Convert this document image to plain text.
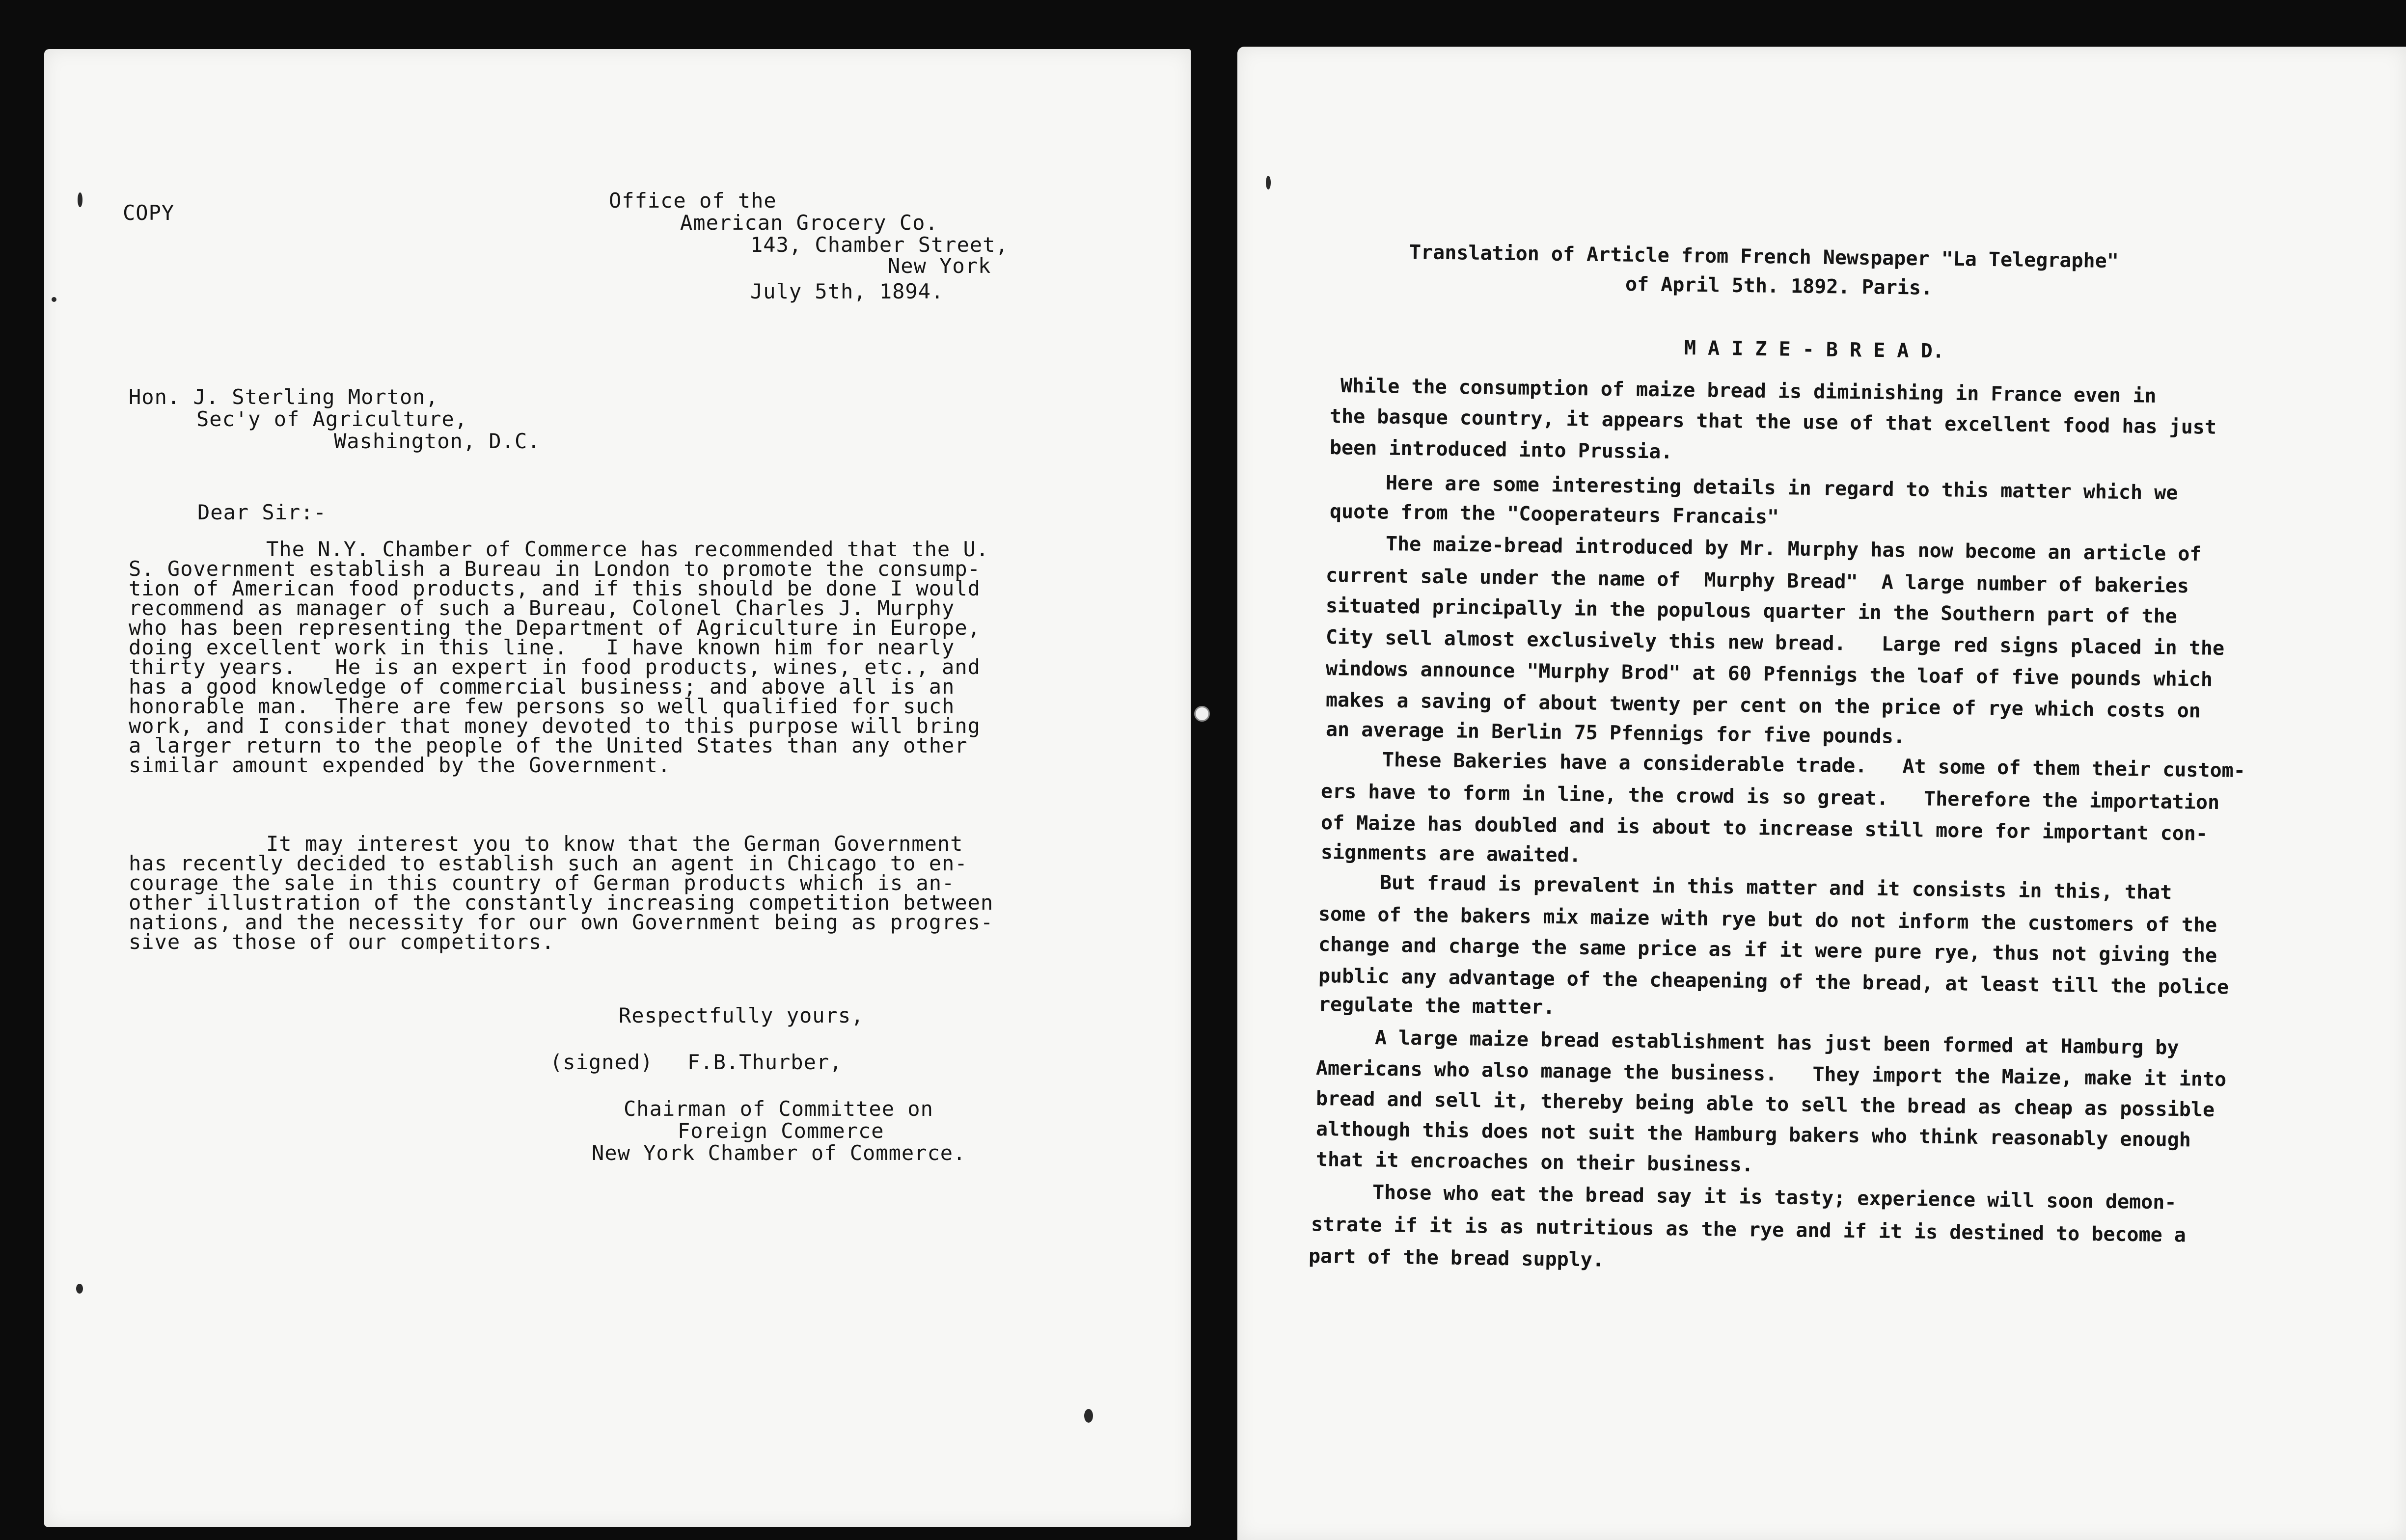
COPY
Office of the
American Grocery Co.
143, Chamber Street,
New York
July 5th, 1894.
Hon. J. Sterling Morton,
Sec'y of Agriculture,
Washington, D.C.
Dear Sir:-
The N.Y. Chamber of Commerce has recommended that the U.
S. Government establish a Bureau in London to promote the consump-
tion of American food products, and if this should be done I would
recommend as manager of such a Bureau, Colonel Charles J. Murphy
who has been representing the Department of Agriculture in Europe,
doing excellent work in this line.   I have known him for nearly
thirty years.   He is an expert in food products, wines, etc., and
has a good knowledge of commercial business; and above all is an
honorable man.  There are few persons so well qualified for such
work, and I consider that money devoted to this purpose will bring
a larger return to the people of the United States than any other
similar amount expended by the Government.
It may interest you to know that the German Government
has recently decided to establish such an agent in Chicago to en-
courage the sale in this country of German products which is an-
other illustration of the constantly increasing competition between
nations, and the necessity for our own Government being as progres-
sive as those of our competitors.
Respectfully yours,
(signed) F.B.Thurber,
Chairman of Committee on
Foreign Commerce
New York Chamber of Commerce.
Translation of Article from French Newspaper "La Telegraphe"
of April 5th. 1892. Paris.
M A I Z E - B R E A D.
While the consumption of maize bread is diminishing in France even in
the basque country, it appears that the use of that excellent food has just
been introduced into Prussia.
Here are some interesting details in regard to this matter which we
quote from the "Cooperateurs Francais"
The maize-bread introduced by Mr. Murphy has now become an article of
current sale under the name of  Murphy Bread"  A large number of bakeries
situated principally in the populous quarter in the Southern part of the
City sell almost exclusively this new bread.   Large red signs placed in the
windows announce "Murphy Brod" at 60 Pfennigs the loaf of five pounds which
makes a saving of about twenty per cent on the price of rye which costs on
an average in Berlin 75 Pfennigs for five pounds.
These Bakeries have a considerable trade.   At some of them their custom-
ers have to form in line, the crowd is so great.   Therefore the importation
of Maize has doubled and is about to increase still more for important con-
signments are awaited.
But fraud is prevalent in this matter and it consists in this, that
some of the bakers mix maize with rye but do not inform the customers of the
change and charge the same price as if it were pure rye, thus not giving the
public any advantage of the cheapening of the bread, at least till the police
regulate the matter.
A large maize bread establishment has just been formed at Hamburg by
Americans who also manage the business.   They import the Maize, make it into
bread and sell it, thereby being able to sell the bread as cheap as possible
although this does not suit the Hamburg bakers who think reasonably enough
that it encroaches on their business.
Those who eat the bread say it is tasty; experience will soon demon-
strate if it is as nutritious as the rye and if it is destined to become a
part of the bread supply.
